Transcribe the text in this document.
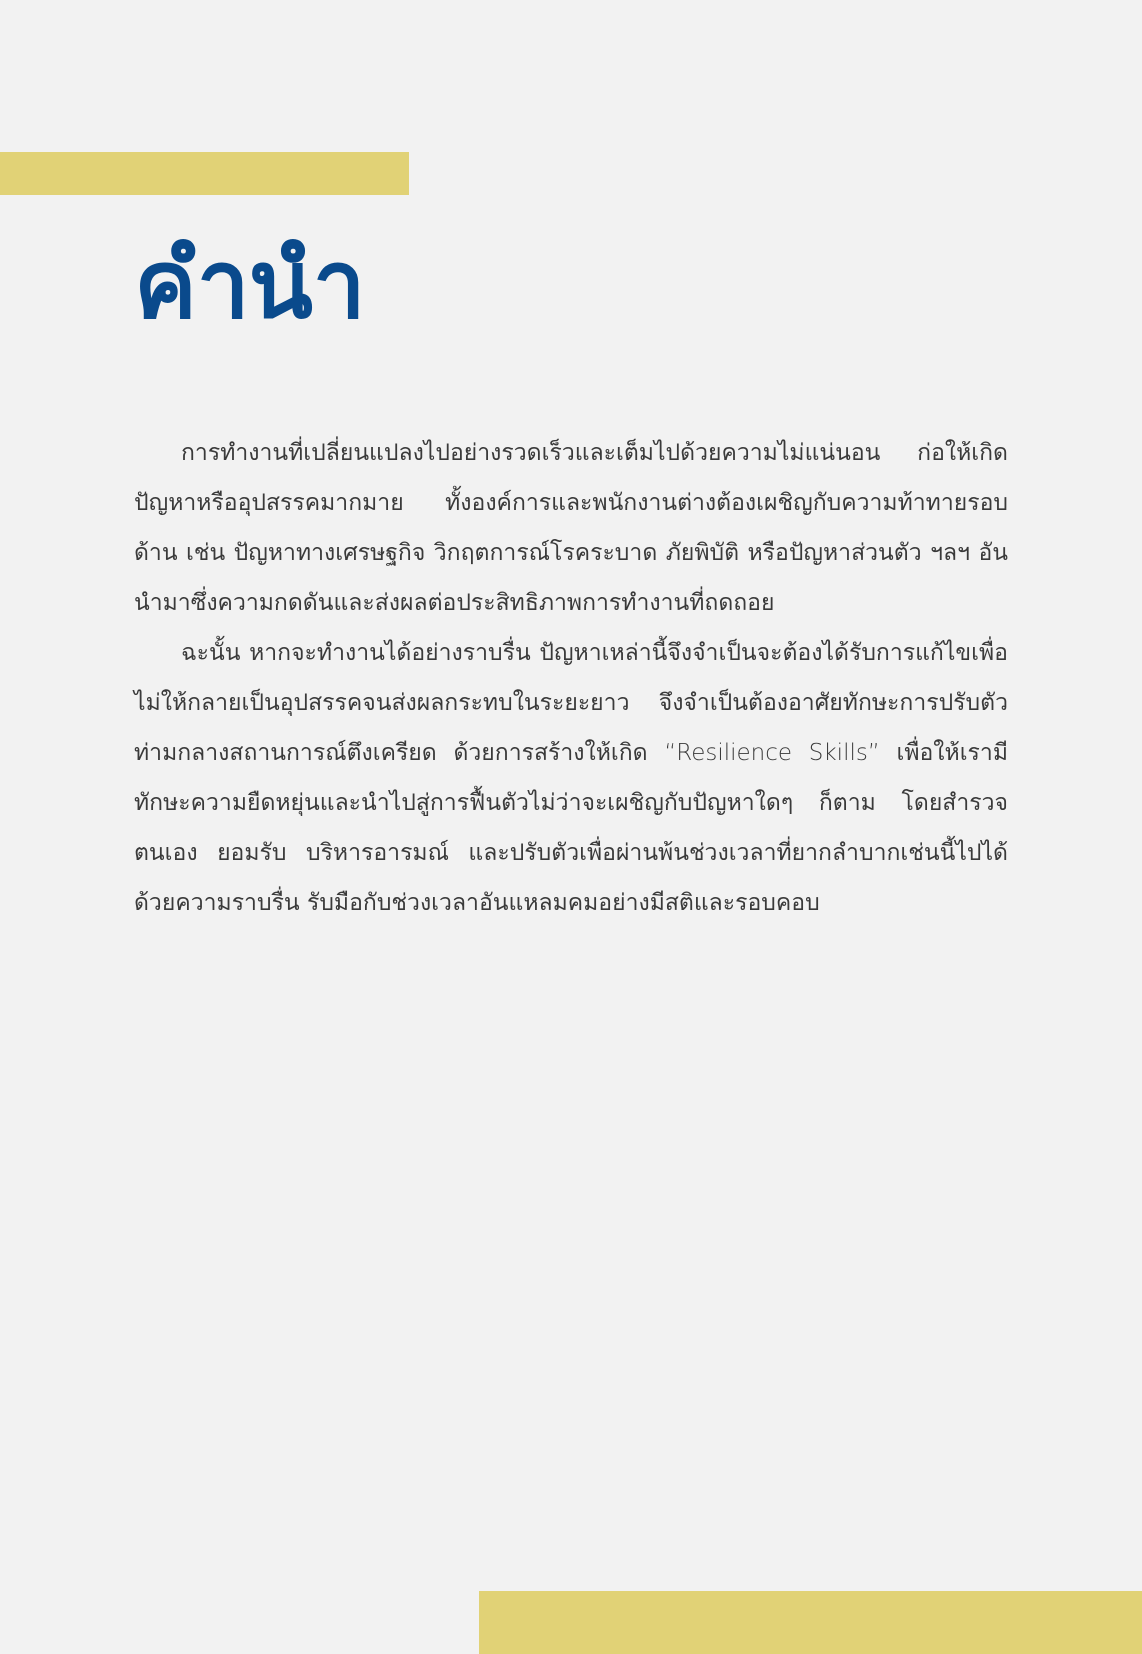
คำนำ

การทำงานที่เปลี่ยนแปลงไปอย่างรวดเร็วและเต็มไปด้วยความไม่แน่นอน ก่อให้เกิดปัญหาหรืออุปสรรคมากมาย ทั้งองค์การและพนักงานต่างต้องเผชิญกับความท้าทายรอบด้าน เช่น ปัญหาทางเศรษฐกิจ วิกฤตการณ์โรคระบาด ภัยพิบัติ หรือปัญหาส่วนตัว ฯลฯ อันนำมาซึ่งความกดดันและส่งผลต่อประสิทธิภาพการทำงานที่ถดถอย

ฉะนั้น หากจะทำงานได้อย่างราบรื่น ปัญหาเหล่านี้จึงจำเป็นจะต้องได้รับการแก้ไขเพื่อไม่ให้กลายเป็นอุปสรรคจนส่งผลกระทบในระยะยาว จึงจำเป็นต้องอาศัยทักษะการปรับตัวท่ามกลางสถานการณ์ตึงเครียด ด้วยการสร้างให้เกิด “Resilience Skills” เพื่อให้เรามีทักษะความยืดหยุ่นและนำไปสู่การฟื้นตัวไม่ว่าจะเผชิญกับปัญหาใดๆ ก็ตาม โดยสำรวจตนเอง ยอมรับ บริหารอารมณ์ และปรับตัวเพื่อผ่านพ้นช่วงเวลาที่ยากลำบากเช่นนี้ไปได้ด้วยความราบรื่น รับมือกับช่วงเวลาอันแหลมคมอย่างมีสติและรอบคอบ
